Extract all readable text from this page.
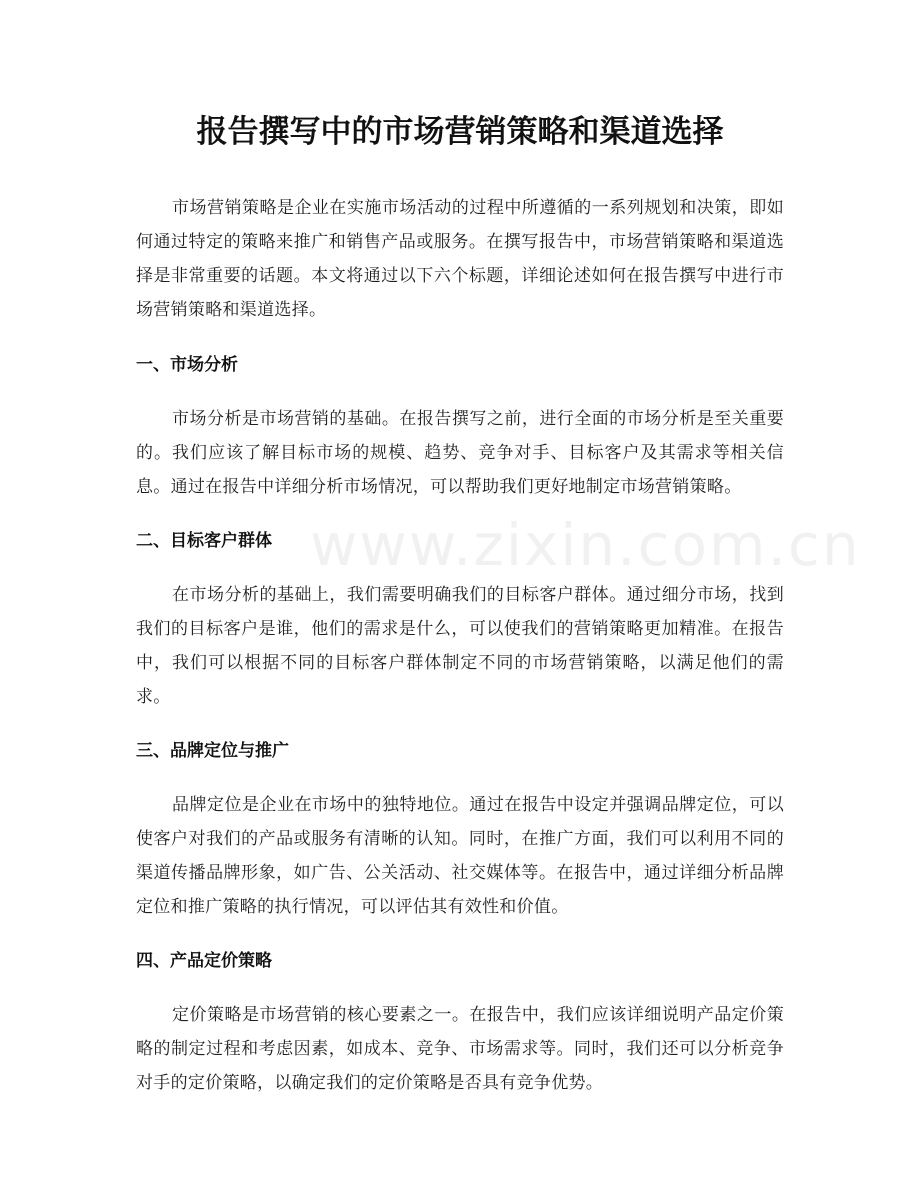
报告撰写中的市场营销策略和渠道选择

市场营销策略是企业在实施市场活动的过程中所遵循的一系列规划和决策，即如何通过特定的策略来推广和销售产品或服务。在撰写报告中，市场营销策略和渠道选择是非常重要的话题。本文将通过以下六个标题，详细论述如何在报告撰写中进行市场营销策略和渠道选择。

一、市场分析

市场分析是市场营销的基础。在报告撰写之前，进行全面的市场分析是至关重要的。我们应该了解目标市场的规模、趋势、竞争对手、目标客户及其需求等相关信息。通过在报告中详细分析市场情况，可以帮助我们更好地制定市场营销策略。

二、目标客户群体

在市场分析的基础上，我们需要明确我们的目标客户群体。通过细分市场，找到我们的目标客户是谁，他们的需求是什么，可以使我们的营销策略更加精准。在报告中，我们可以根据不同的目标客户群体制定不同的市场营销策略，以满足他们的需求。

三、品牌定位与推广

品牌定位是企业在市场中的独特地位。通过在报告中设定并强调品牌定位，可以使客户对我们的产品或服务有清晰的认知。同时，在推广方面，我们可以利用不同的渠道传播品牌形象，如广告、公关活动、社交媒体等。在报告中，通过详细分析品牌定位和推广策略的执行情况，可以评估其有效性和价值。

四、产品定价策略

定价策略是市场营销的核心要素之一。在报告中，我们应该详细说明产品定价策略的制定过程和考虑因素，如成本、竞争、市场需求等。同时，我们还可以分析竞争对手的定价策略，以确定我们的定价策略是否具有竞争优势。

www.zixin.com.cn
